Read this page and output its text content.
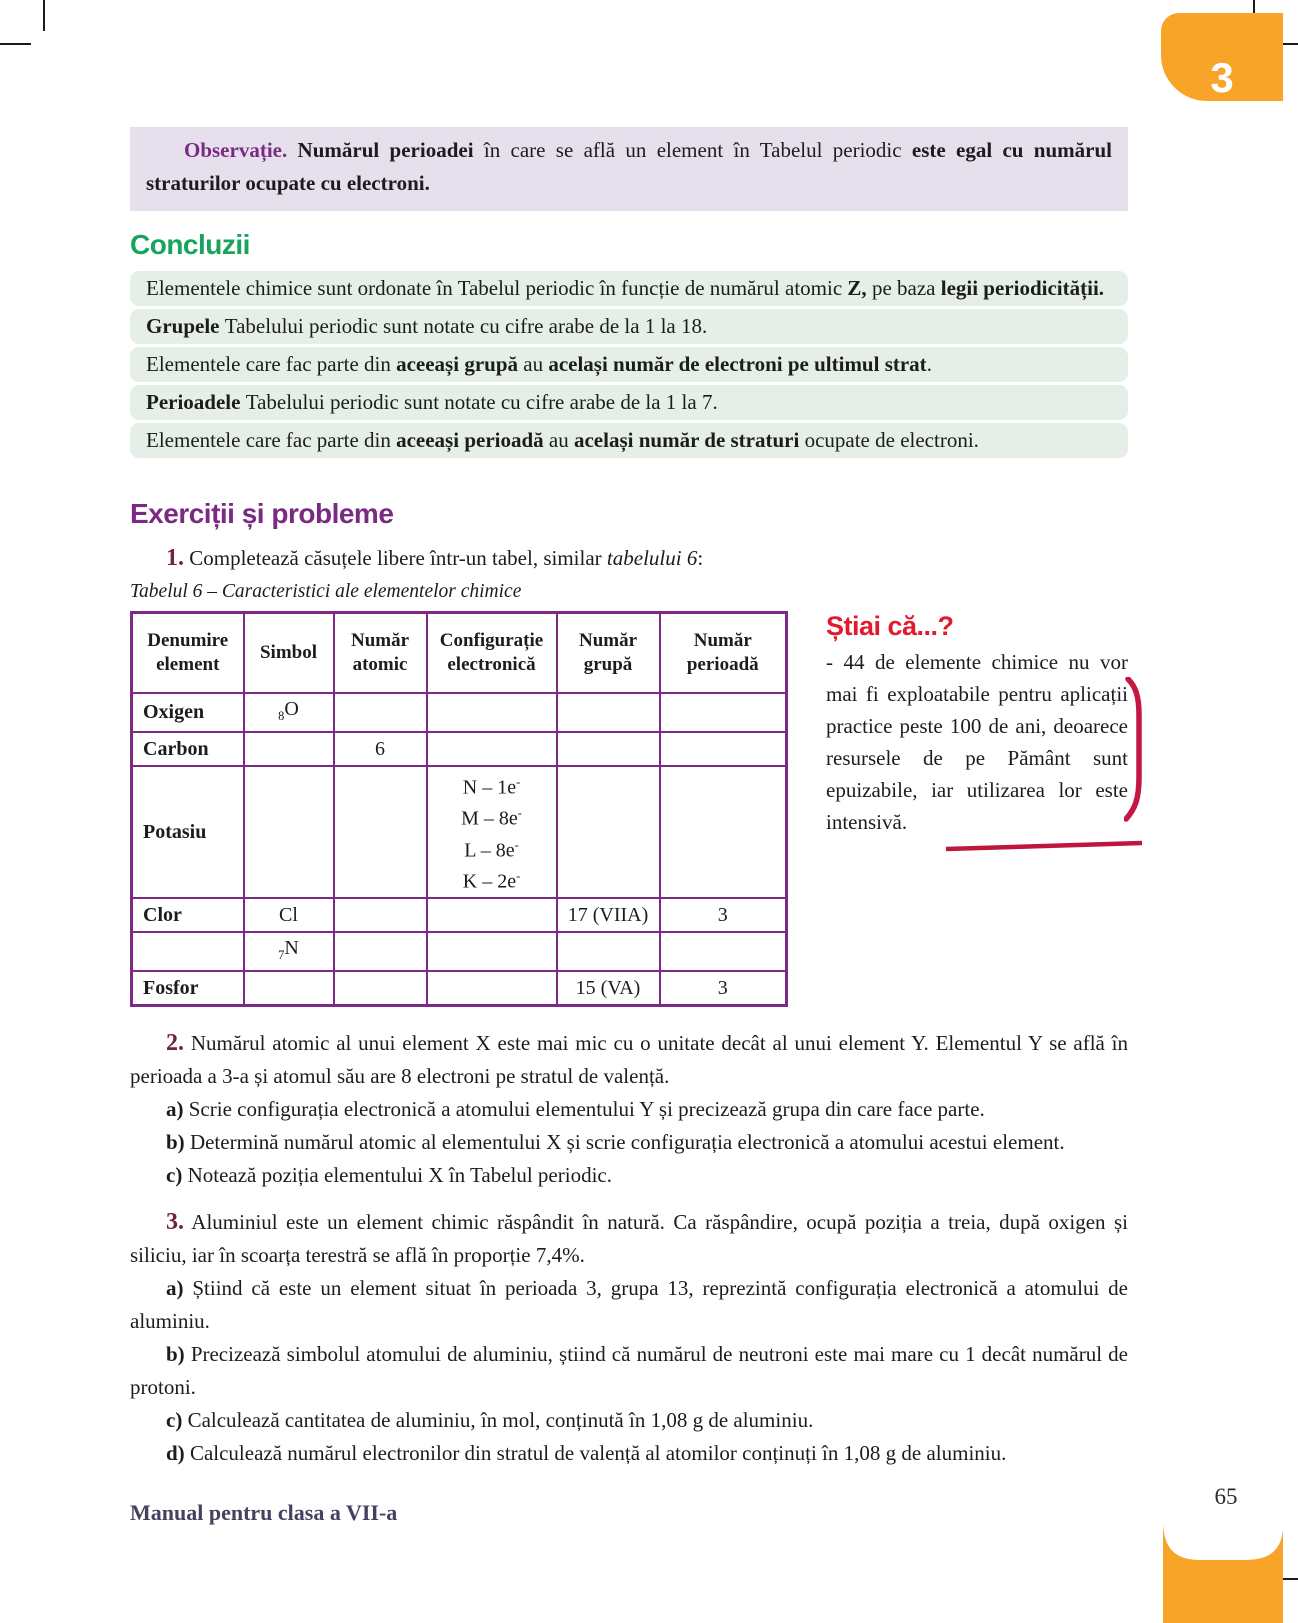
3
Observație. Numărul perioadei în care se află un element în Tabelul periodic este egal cu numărul straturilor ocupate cu electroni.
Concluzii
Elementele chimice sunt ordonate în Tabelul periodic în funcție de numărul atomic Z, pe baza legii periodicității.
Grupele Tabelului periodic sunt notate cu cifre arabe de la 1 la 18.
Elementele care fac parte din aceeași grupă au același număr de electroni pe ultimul strat.
Perioadele Tabelului periodic sunt notate cu cifre arabe de la 1 la 7.
Elementele care fac parte din aceeași perioadă au același număr de straturi ocupate de electroni.
Exerciții și probleme

1. Completează căsuțele libere într-un tabel, similar tabelului 6:

Tabelul 6 – Caracteristici ale elementelor chimice
Denumire element	Simbol	Număr atomic	Configurație electronică	Număr grupă	Număr perioadă
Oxigen	$_8$O				
Carbon		6			
Potasiu			N – 1e-
M – 8e-
L – 8e-
K – 2e-		
Clor	Cl			17 (VIIA)	3
	$_7$N				
Fosfor				15 (VA)	3
Știai că...?

- 44 de elemente chimice nu vor mai fi exploatabile pentru aplicații practice peste 100 de ani, deoarece resursele de pe Pământ sunt epuizabile, iar utilizarea lor este intensivă.

2. Numărul atomic al unui element X este mai mic cu o unitate decât al unui element Y. Elementul Y se află în perioada a 3-a și atomul său are 8 electroni pe stratul de valență.

a) Scrie configurația electronică a atomului elementului Y și precizează grupa din care face parte.

b) Determină numărul atomic al elementului X și scrie configurația electronică a atomului acestui element.

c) Notează poziția elementului X în Tabelul periodic.

3. Aluminiul este un element chimic răspândit în natură. Ca răspândire, ocupă poziția a treia, după oxigen și siliciu, iar în scoarța terestră se află în proporție 7,4%.

a) Știind că este un element situat în perioada 3, grupa 13, reprezintă configurația electronică a atomului de aluminiu.

b) Precizează simbolul atomului de aluminiu, știind că numărul de neutroni este mai mare cu 1 decât numărul de protoni.

c) Calculează cantitatea de aluminiu, în mol, conținută în 1,08 g de aluminiu.

d) Calculează numărul electronilor din stratul de valență al atomilor conținuți în 1,08 g de aluminiu.

Manual pentru clasa a VII-a
65
